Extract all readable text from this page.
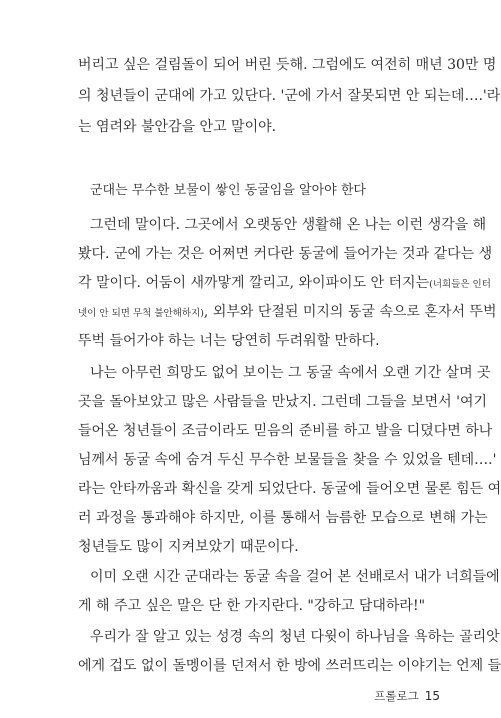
버리고 싶은 걸림돌이 되어 버린 듯해. 그럼에도 여전히 매년 30만 명
의 청년들이 군대에 가고 있단다. '군에 가서 잘못되면 안 되는데….'라
는 염려와 불안감을 안고 말이야.
군대는 무수한 보물이 쌓인 동굴임을 알아야 한다
그런데 말이다. 그곳에서 오랫동안 생활해 온 나는 이런 생각을 해
봤다. 군에 가는 것은 어쩌면 커다란 동굴에 들어가는 것과 같다는 생
각 말이다. 어둠이 새까맣게 깔리고, 와이파이도 안 터지는(너희들은 인터
넷이 안 되면 무척 불안해하지), 외부와 단절된 미지의 동굴 속으로 혼자서 뚜벅
뚜벅 들어가야 하는 너는 당연히 두려워할 만하다.
나는 아무런 희망도 없어 보이는 그 동굴 속에서 오랜 기간 살며 곳
곳을 돌아보았고 많은 사람들을 만났지. 그런데 그들을 보면서 '여기
들어온 청년들이 조금이라도 믿음의 준비를 하고 발을 디뎠다면 하나
님께서 동굴 속에 숨겨 두신 무수한 보물들을 찾을 수 있었을 텐데….'
라는 안타까움과 확신을 갖게 되었단다. 동굴에 들어오면 물론 힘든 여
러 과정을 통과해야 하지만, 이를 통해서 늠름한 모습으로 변해 가는
청년들도 많이 지켜보았기 때문이다.
이미 오랜 시간 군대라는 동굴 속을 걸어 본 선배로서 내가 너희들에
게 해 주고 싶은 말은 단 한 가지란다. "강하고 담대하라!"
우리가 잘 알고 있는 성경 속의 청년 다윗이 하나님을 욕하는 골리앗
에게 겁도 없이 돌멩이를 던져서 한 방에 쓰러뜨리는 이야기는 언제 들
프롤로그 15
